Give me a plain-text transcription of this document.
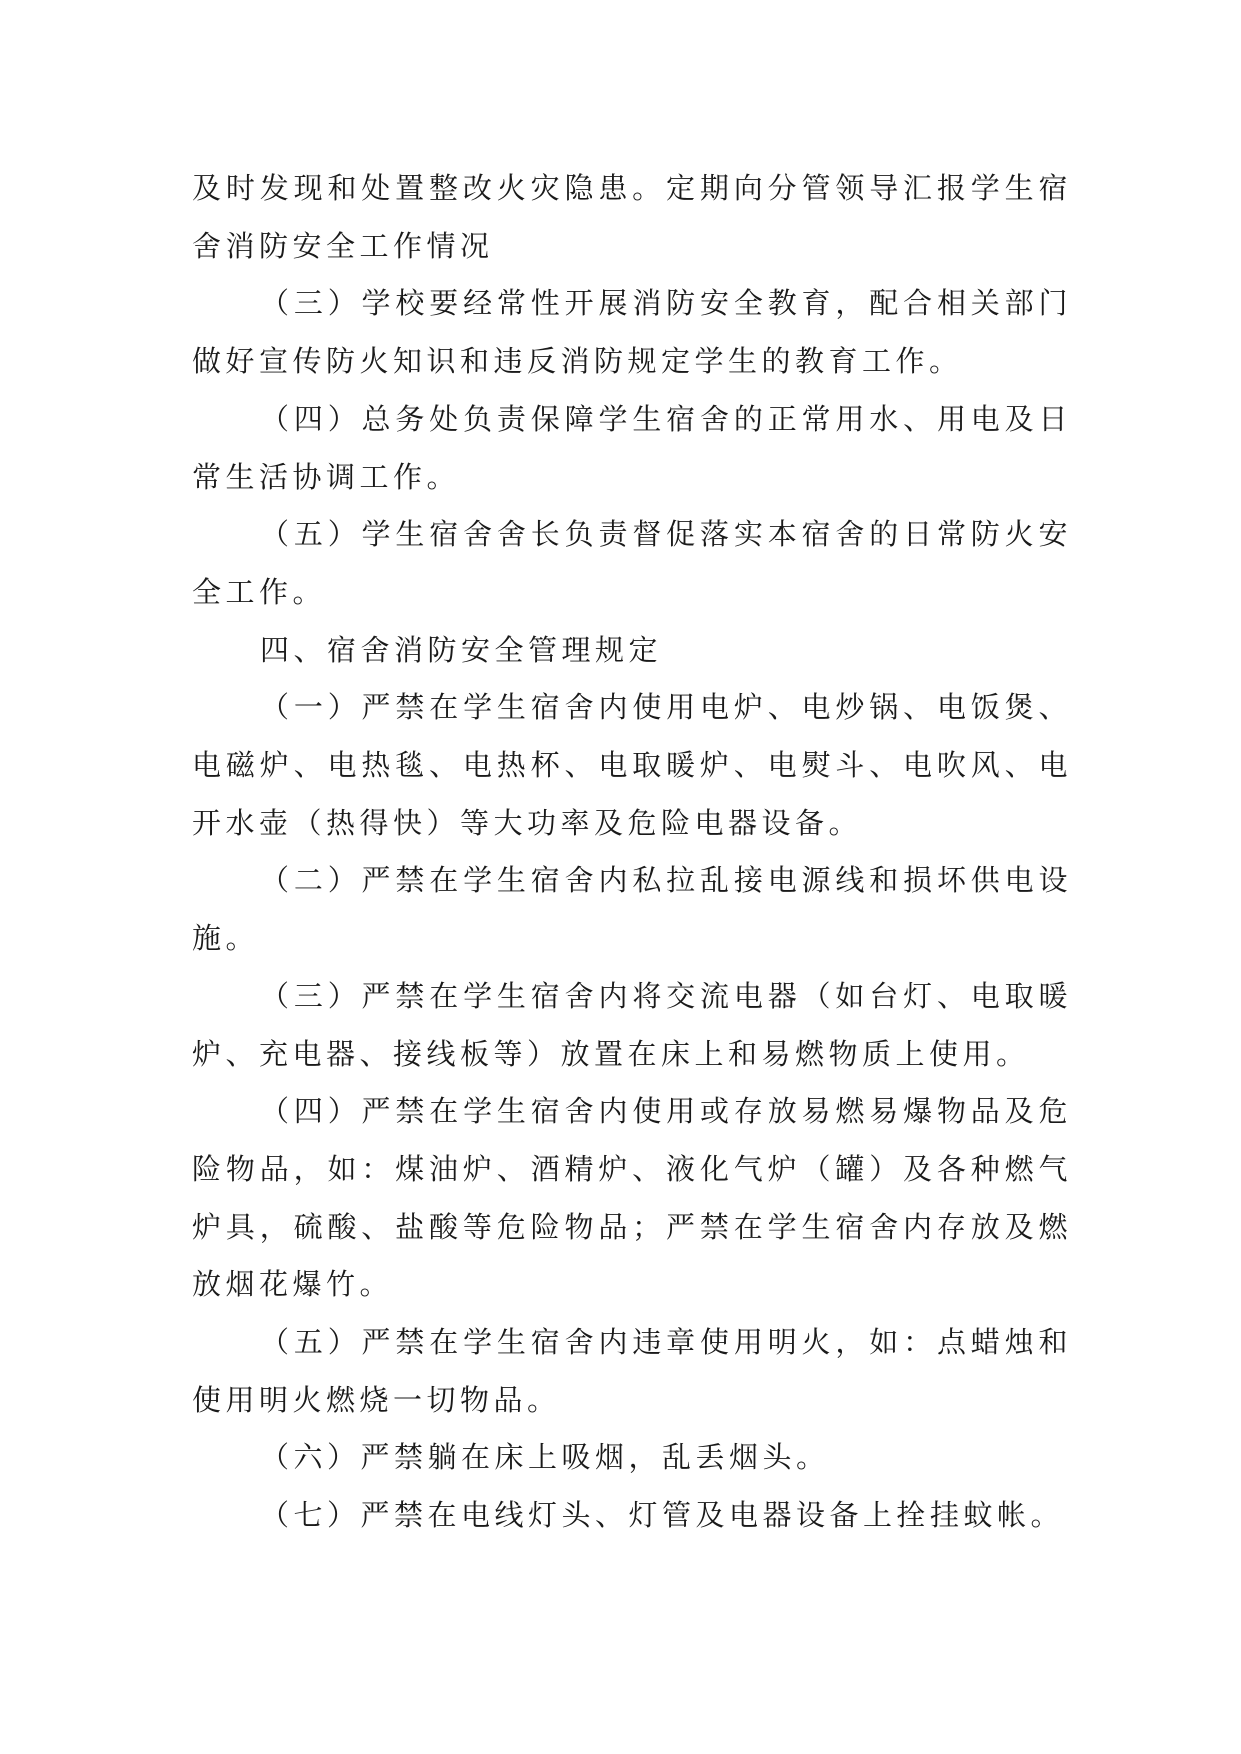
及时发现和处置整改火灾隐患。定期向分管领导汇报学生宿舍消防安全工作情况

（三）学校要经常性开展消防安全教育，配合相关部门做好宣传防火知识和违反消防规定学生的教育工作。

（四）总务处负责保障学生宿舍的正常用水、用电及日常生活协调工作。

（五）学生宿舍舍长负责督促落实本宿舍的日常防火安全工作。

四、宿舍消防安全管理规定

（一）严禁在学生宿舍内使用电炉、电炒锅、电饭煲、电磁炉、电热毯、电热杯、电取暖炉、电熨斗、电吹风、电开水壶（热得快）等大功率及危险电器设备。

（二）严禁在学生宿舍内私拉乱接电源线和损坏供电设施。

（三）严禁在学生宿舍内将交流电器（如台灯、电取暖炉、充电器、接线板等）放置在床上和易燃物质上使用。

（四）严禁在学生宿舍内使用或存放易燃易爆物品及危险物品，如：煤油炉、酒精炉、液化气炉（罐）及各种燃气炉具，硫酸、盐酸等危险物品；严禁在学生宿舍内存放及燃放烟花爆竹。

（五）严禁在学生宿舍内违章使用明火，如：点蜡烛和使用明火燃烧一切物品。

（六）严禁躺在床上吸烟，乱丢烟头。

（七）严禁在电线灯头、灯管及电器设备上拴挂蚊帐。
